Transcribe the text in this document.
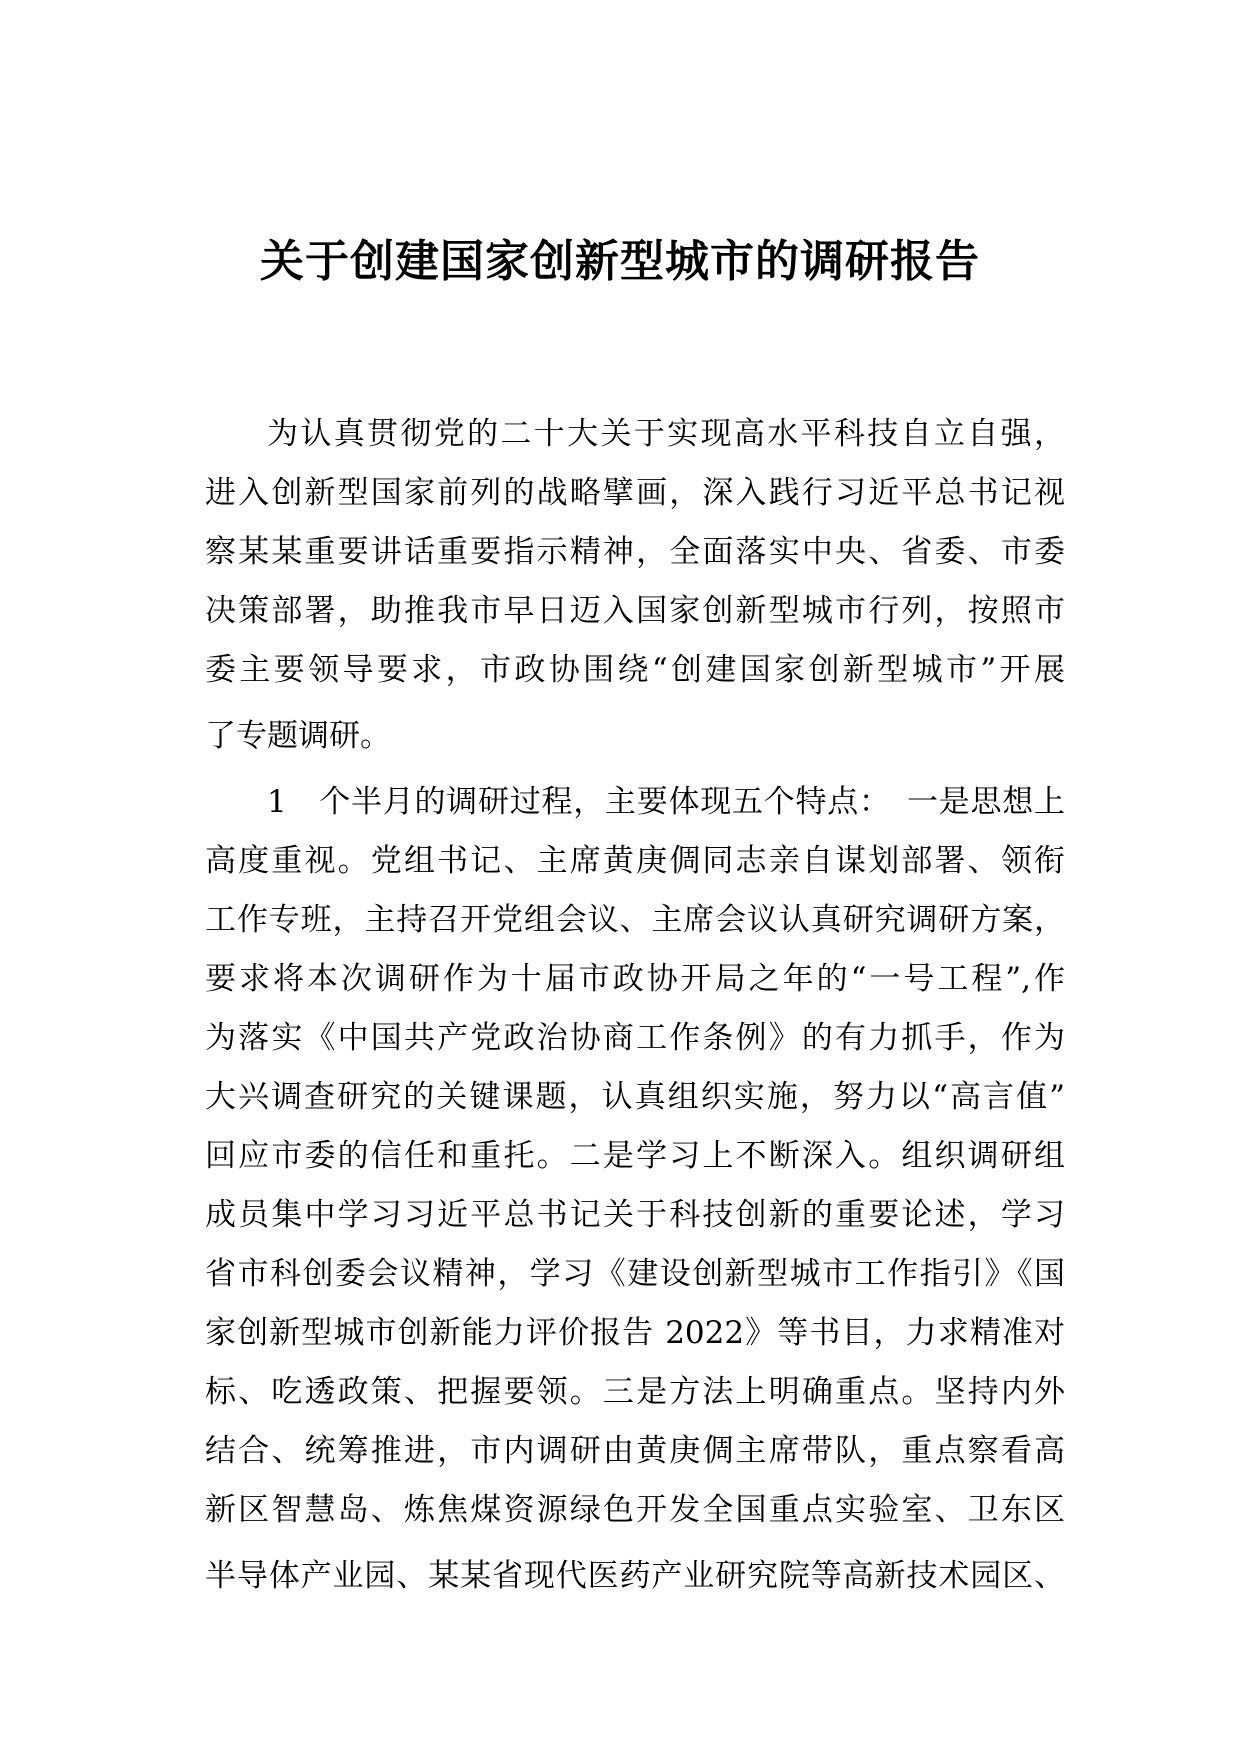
关于创建国家创新型城市的调研报告
为认真贯彻党的二十大关于实现高水平科技自立自强，
进入创新型国家前列的战略擘画，深入践行习近平总书记视
察某某重要讲话重要指示精神，全面落实中央、省委、市委
决策部署，助推我市早日迈入国家创新型城市行列，按照市
委主要领导要求，市政协围绕“创建国家创新型城市”开展
了专题调研。
1　个半月的调研过程，主要体现五个特点：　一是思想上
高度重视。党组书记、主席黄庚倜同志亲自谋划部署、领衔
工作专班，主持召开党组会议、主席会议认真研究调研方案，
要求将本次调研作为十届市政协开局之年的“一号工程”,作
为落实《中国共产党政治协商工作条例》的有力抓手，作为
大兴调查研究的关键课题，认真组织实施，努力以“高言值”
回应市委的信任和重托。二是学习上不断深入。组织调研组
成员集中学习习近平总书记关于科技创新的重要论述，学习
省市科创委会议精神，学习《建设创新型城市工作指引》《国
家创新型城市创新能力评价报告 2022》等书目，力求精准对
标、吃透政策、把握要领。三是方法上明确重点。坚持内外
结合、统筹推进，市内调研由黄庚倜主席带队，重点察看高
新区智慧岛、炼焦煤资源绿色开发全国重点实验室、卫东区
半导体产业园、某某省现代医药产业研究院等高新技术园区、
